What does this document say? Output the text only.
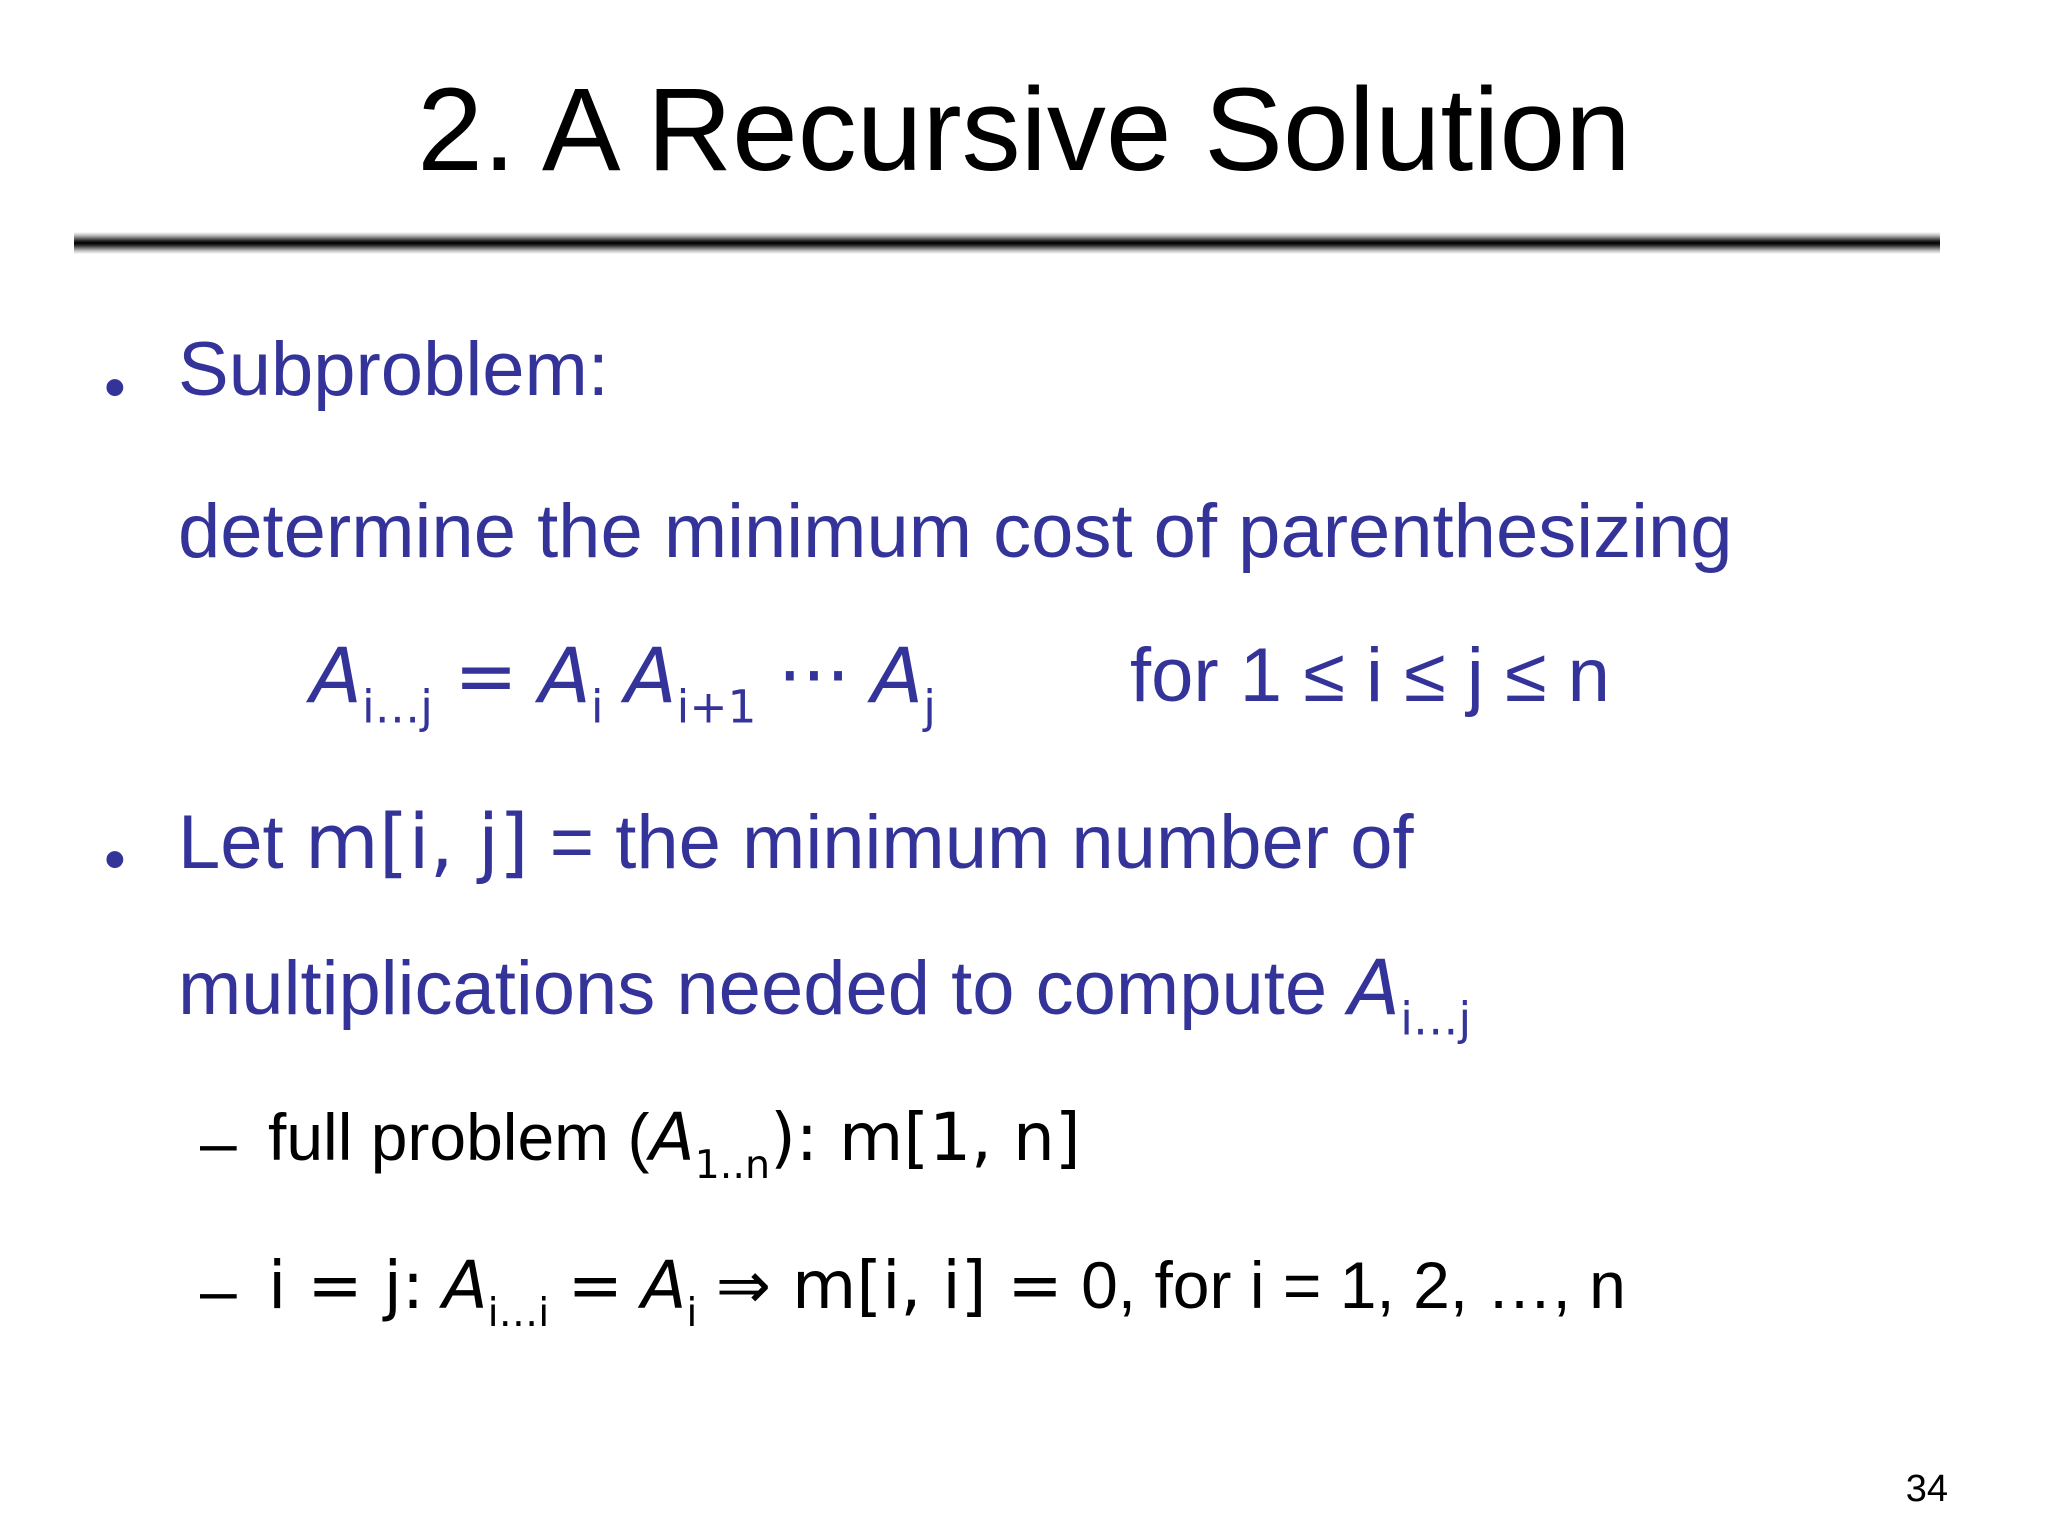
2. A Recursive Solution
• Subproblem:
determine the minimum cost of parenthesizing
$A_{i\dots j} = A_i$ $A_{i+1}$ ··· $A_j$	for 1 ≤ i ≤ j ≤ n
• Let m[i, j] = the minimum number of
multiplications needed to compute $A_{i\dots j}$
– full problem $(A_{1..n})$: m[1, n]
– i = j: $A_{i\dots i} = A_i$ ⇒ m[i, i] = 0, for i = 1, 2, …, n
34
